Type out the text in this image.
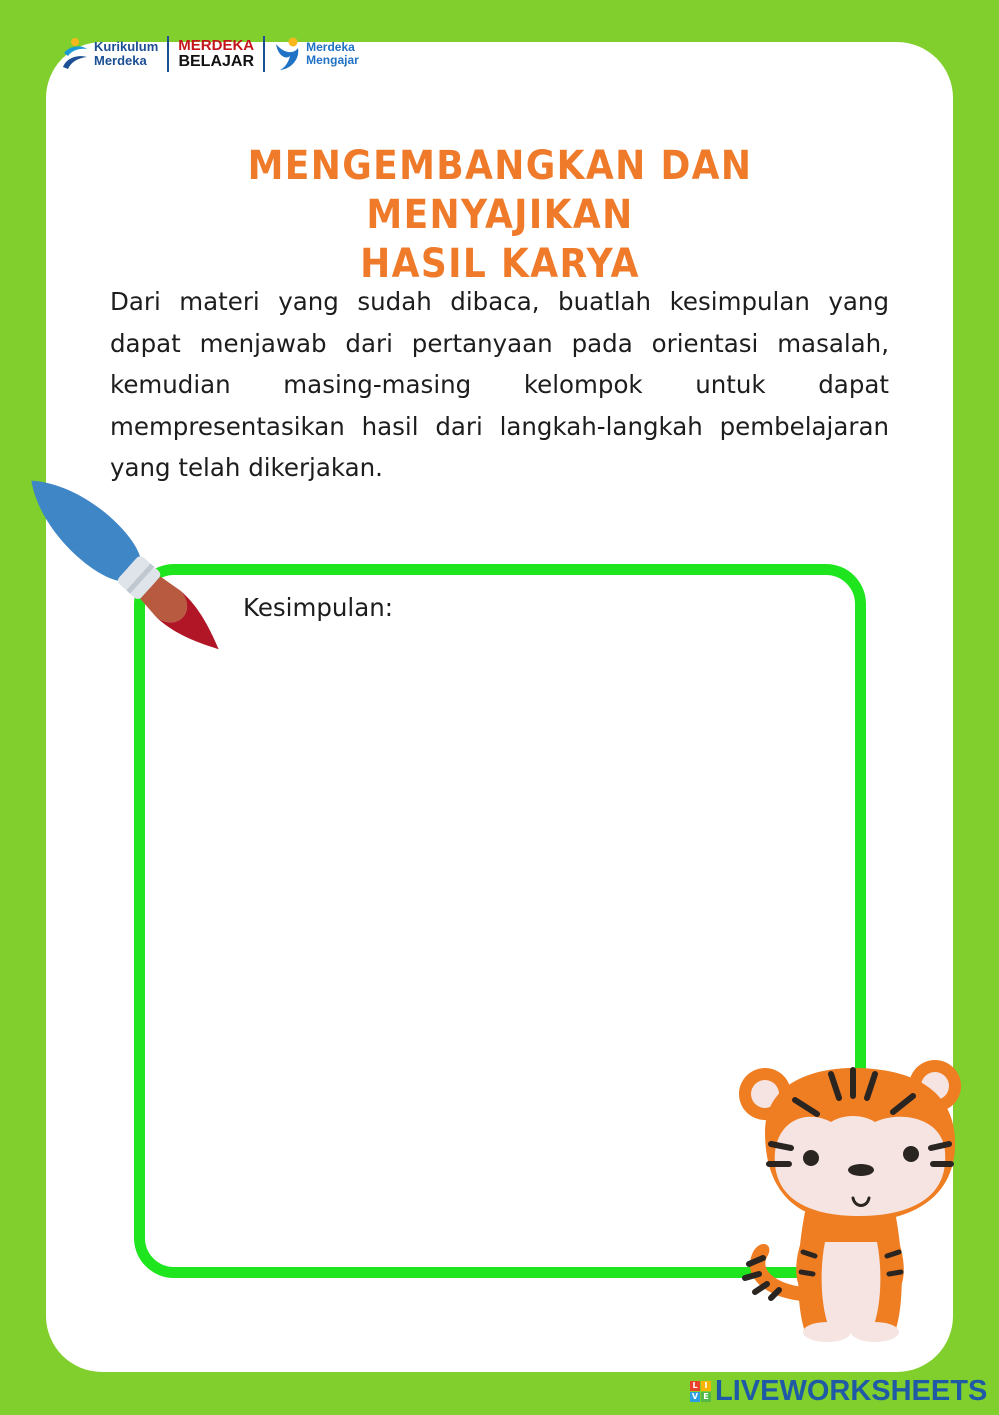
Kurikulum
Merdeka
MERDEKA
BELAJAR
Merdeka
Mengajar
MENGEMBANGKAN DAN MENYAJIKAN
HASIL KARYA
Dari materi yang sudah dibaca, buatlah kesimpulan yang dapat menjawab dari pertanyaan pada orientasi masalah, kemudian masing-masing kelompok untuk dapat mempresentasikan hasil dari langkah-langkah pembelajaran yang telah dikerjakan.
Kesimpulan:
L I
V E LIVEWORKSHEETS
